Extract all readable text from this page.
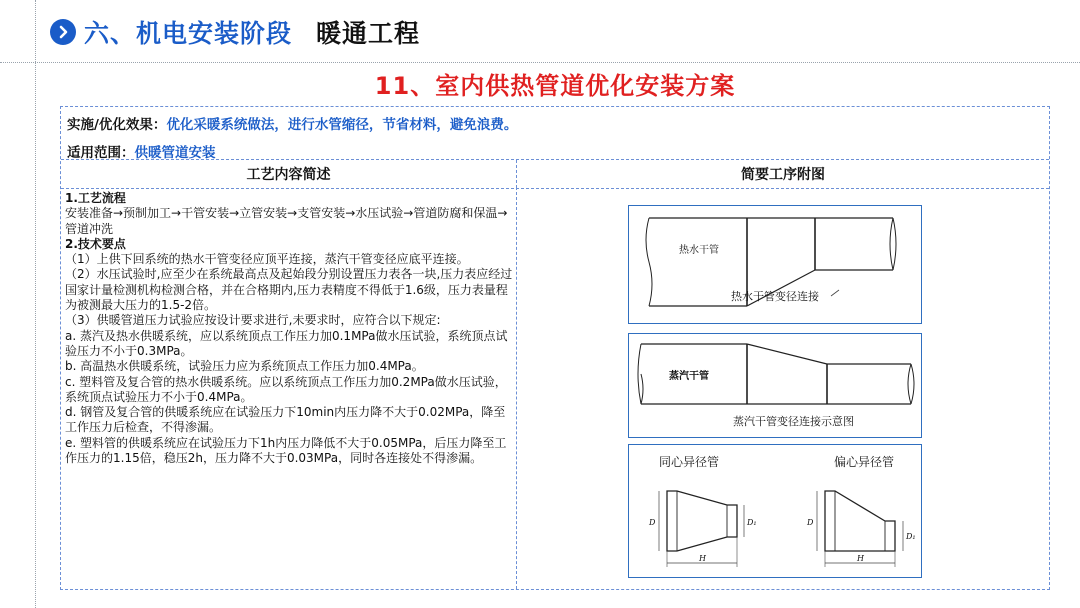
六、机电安装阶段 暖通工程
11、室内供热管道优化安装方案
实施/优化效果：优化采暖系统做法，进行水管缩径，节省材料，避免浪费。
适用范围：供暖管道安装
工艺内容简述	简要工序附图

1.工艺流程

安装准备→预制加工→干管安装→立管安装→支管安装→水压试验→管道防腐和保温→管道冲洗

2.技术要点

（1）上供下回系统的热水干管变径应顶平连接，蒸汽干管变径应底平连接。

（2）水压试验时,应至少在系统最高点及起始段分别设置压力表各一块,压力表应经过国家计量检测机构检测合格，并在合格期内,压力表精度不得低于1.6级，压力表量程为被测最大压力的1.5-2倍。

（3）供暖管道压力试验应按设计要求进行,未要求时，应符合以下规定:

a. 蒸汽及热水供暖系统，应以系统顶点工作压力加0.1MPa做水压试验，系统顶点试验压力不小于0.3MPa。

b. 高温热水供暖系统，试验压力应为系统顶点工作压力加0.4MPa。

c. 塑料管及复合管的热水供暖系统。应以系统顶点工作压力加0.2MPa做水压试验，系统顶点试验压力不小于0.4MPa。

d. 钢管及复合管的供暖系统应在试验压力下10min内压力降不大于0.02MPa，降至工作压力后检查，不得渗漏。

e. 塑料管的供暖系统应在试验压力下1h内压力降低不大于0.05MPa，后压力降至工作压力的1.15倍，稳压2h，压力降不大于0.03MPa，同时各连接处不得渗漏。

热水干管
热水干管变径连接
蒸汽干管
蒸汽干管变径连接示意图
同心异径管	偏心异径管
D	D₁
H
D
D₁
H
